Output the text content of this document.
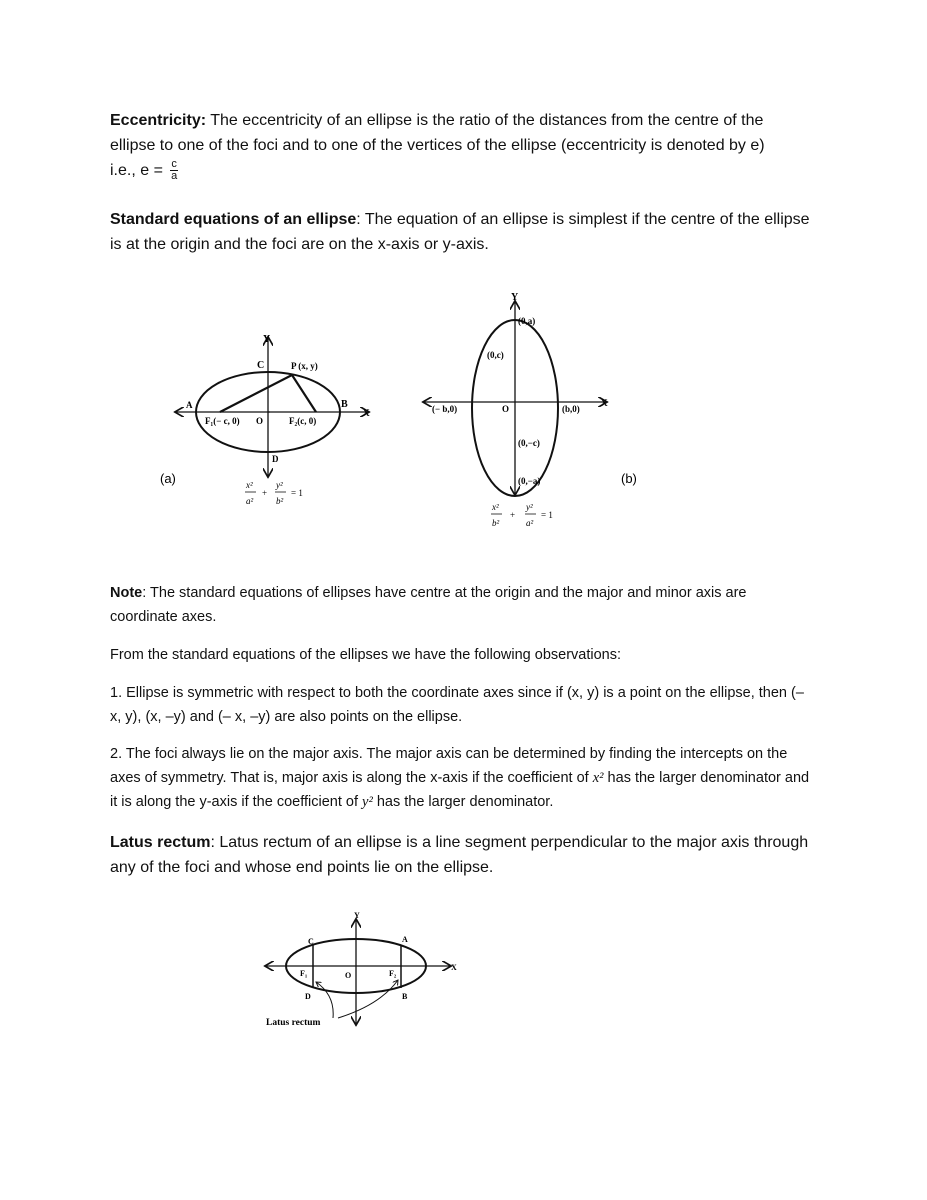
Eccentricity: The eccentricity of an ellipse is the ratio of the distances from the centre of the ellipse to one of the foci and to one of the vertices of the ellipse (eccentricity is denoted by e)
i.e., $e = \frac{c}{a}$

Standard equations of an ellipse: The equation of an ellipse is simplest if the centre of the ellipse is at the origin and the foci are on the x-axis or y-axis.

Y
X
A
C	P (x, y)
B
F₁(− c, 0) O	F₂(c, 0)
D
(a)	x²
a²
+
y²
b²
= 1
Y
X
(0,a)
(0,c)
(− b,0)	O	(b,0)
(0,−c)
(0,−a)	(b)
x²
b²
+
y²
a²
= 1

Note: The standard equations of ellipses have centre at the origin and the major and minor axis are coordinate axes.

From the standard equations of the ellipses we have the following observations:

1. Ellipse is symmetric with respect to both the coordinate axes since if (x, y) is a point on the ellipse, then (– x, y), (x, –y) and (– x, –y) are also points on the ellipse.

2. The foci always lie on the major axis. The major axis can be determined by finding the intercepts on the axes of symmetry. That is, major axis is along the x-axis if the coefficient of x² has the larger denominator and it is along the y-axis if the coefficient of y² has the larger denominator.

Latus rectum: Latus rectum of an ellipse is a line segment perpendicular to the major axis through any of the foci and whose end points lie on the ellipse.

Y
X
C	A
F₁	O	F₂
D	B
Latus rectum
